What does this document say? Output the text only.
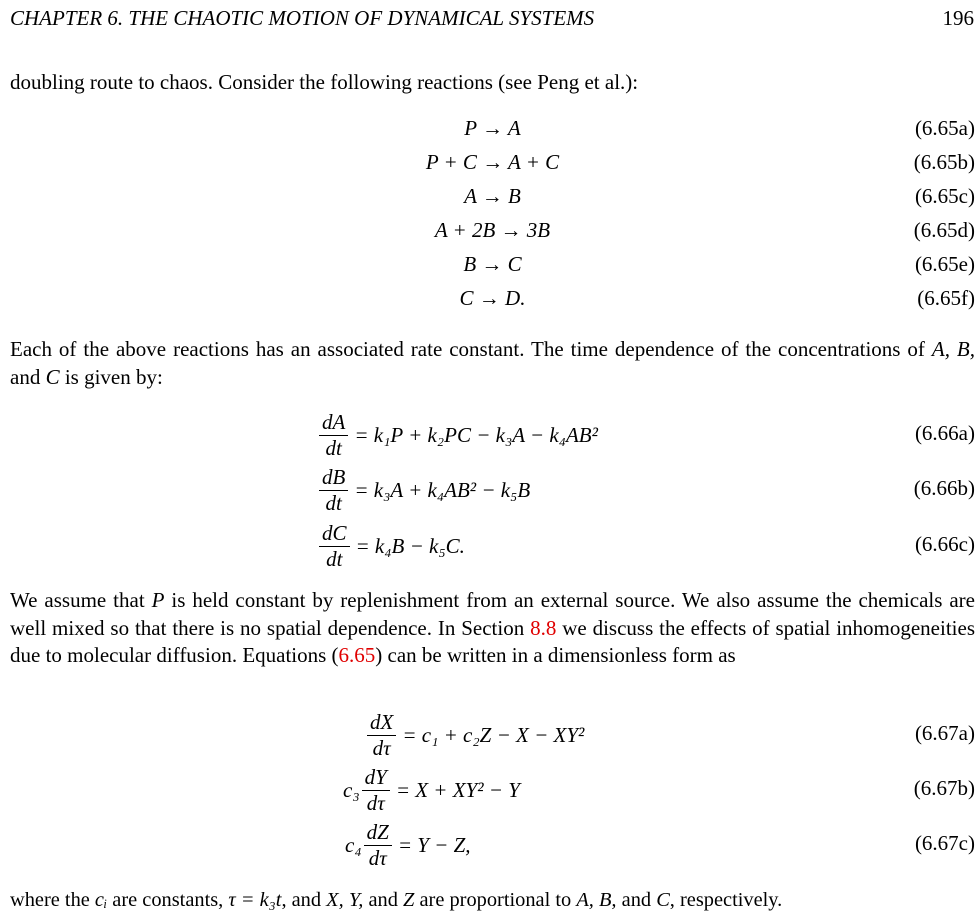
CHAPTER 6. THE CHAOTIC MOTION OF DYNAMICAL SYSTEMS	196
doubling route to chaos. Consider the following reactions (see Peng et al.):
P → A	(6.65a)
P + C → A + C	(6.65b)
A → B	(6.65c)
A + 2B → 3B	(6.65d)
B → C	(6.65e)
C → D.	(6.65f)
Each of the above reactions has an associated rate constant. The time dependence of the concentrations of A, B, and C is given by:
$\frac{dA}{dt} = k_1P + k_2PC - k_3A - k_4AB^2$	(6.66a)
$\frac{dB}{dt} = k_3A + k_4AB^2 - k_5B$	(6.66b)
$\frac{dC}{dt} = k_4B - k_5C$.	(6.66c)
We assume that P is held constant by replenishment from an external source. We also assume the chemicals are well mixed so that there is no spatial dependence. In Section 8.8 we discuss the effects of spatial inhomogeneities due to molecular diffusion. Equations (6.65) can be written in a dimensionless form as
$\frac{dX}{d\tau} = c_1 + c_2Z - X - XY^2$	(6.67a)
$c_3 \frac{dY}{d\tau} = X + XY^2 - Y$	(6.67b)
$c_4 \frac{dZ}{d\tau} = Y - Z$,	(6.67c)
where the cᵢ are constants, τ = k₃t, and X, Y, and Z are proportional to A, B, and C, respectively.
